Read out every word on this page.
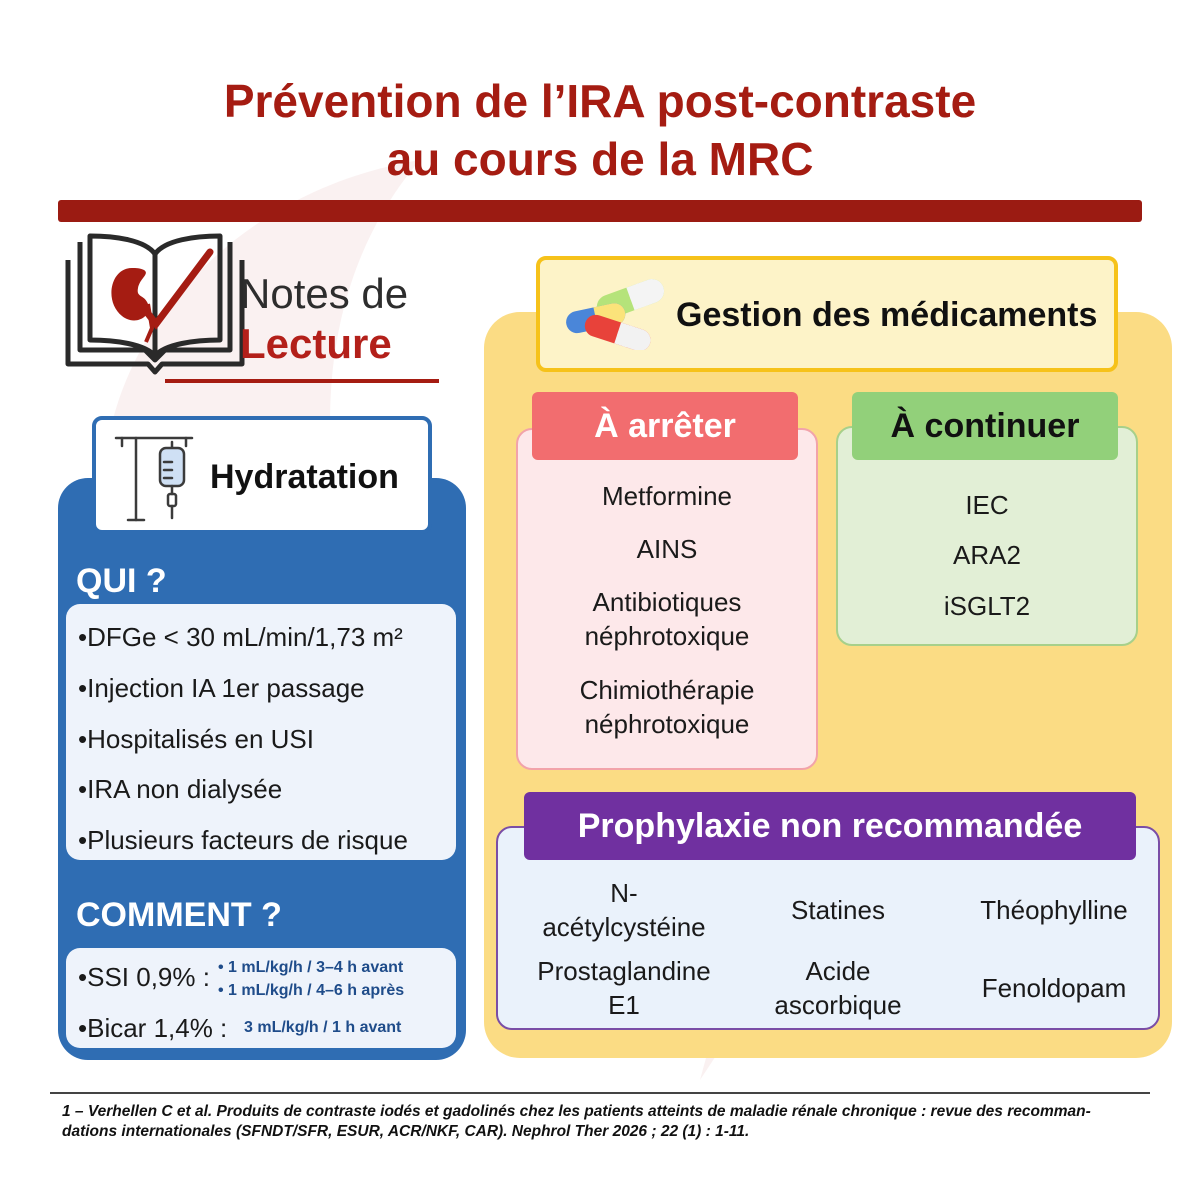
Prévention de l’IRA post-contraste
au cours de la MRC
Notes de
Lecture
Hydratation
QUI ?
•DFGe < 30 mL/min/1,73 m²
•Injection IA 1er passage
•Hospitalisés en USI
•IRA non dialysée
•Plusieurs facteurs de risque
COMMENT ?
•SSI 0,9% : • 1 mL/kg/h / 3–4 h avant
• 1 mL/kg/h / 4–6 h après
•Bicar 1,4% : 3 mL/kg/h / 1 h avant
Gestion des médicaments
À arrêter
Metformine
AINS
Antibiotiques néphrotoxique
Chimiothérapie néphrotoxique
À continuer
IEC
ARA2
iSGLT2
Prophylaxie non recommandée
N-acétylcystéine
Statines	Théophylline
Prostaglandine E1
Acide ascorbique
Fenoldopam
1 – Verhellen C et al. Produits de contraste iodés et gadolinés chez les patients atteints de maladie rénale chronique : revue des recomman-dations internationales (SFNDT/SFR, ESUR, ACR/NKF, CAR). Nephrol Ther 2026 ; 22 (1) : 1-11.
